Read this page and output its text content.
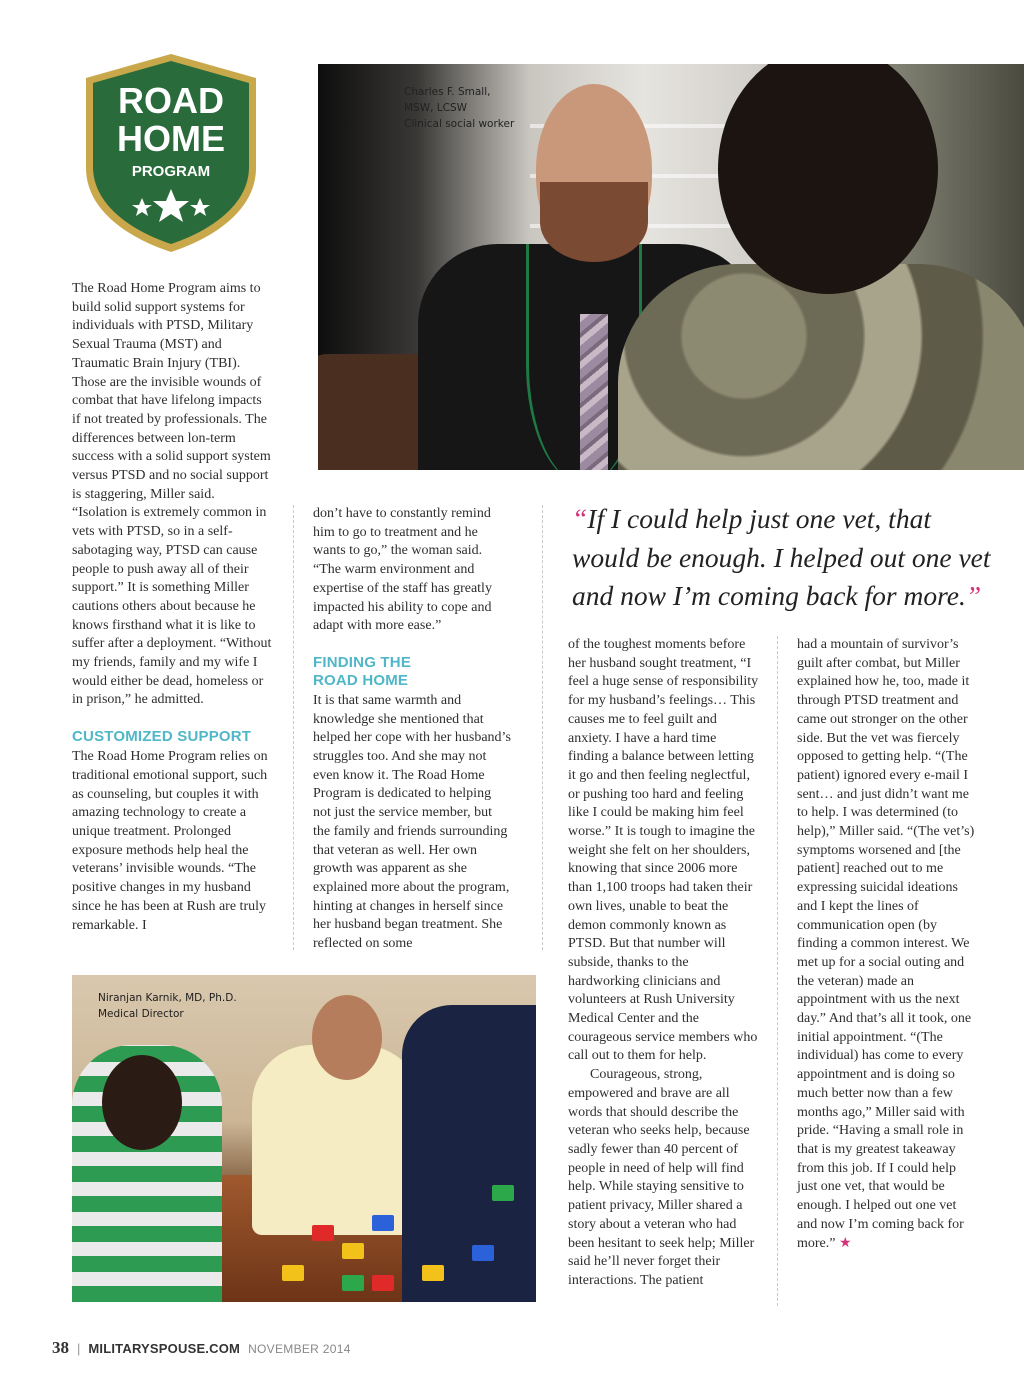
Charles F. Small,
MSW, LCSW
Clinical social worker
ROAD
HOME
PROGRAM

The Road Home Program aims to build solid support systems for individuals with PTSD, Military Sexual Trauma (MST) and Traumatic Brain Injury (TBI). Those are the invisible wounds of combat that have lifelong impacts if not treated by professionals. The differences between lon-term success with a solid support system versus PTSD and no social support is staggering, Miller said. “Isolation is extremely common in vets with PTSD, so in a self-sabotaging way, PTSD can cause people to push away all of their support.” It is something Miller cautions others about because he knows firsthand what it is like to suffer after a deployment. “Without my friends, family and my wife I would either be dead, homeless or in prison,” he admitted.

CUSTOMIZED SUPPORT

The Road Home Program relies on traditional emotional support, such as counseling, but couples it with amazing technology to create a unique treatment. Prolonged exposure methods help heal the veterans’ invisible wounds. “The positive changes in my husband since he has been at Rush are truly remarkable. I

don’t have to constantly remind him to go to treatment and he wants to go,” the woman said. “The warm environment and expertise of the staff has greatly impacted his ability to cope and adapt with more ease.”

FINDING THE ROAD HOME

It is that same warmth and knowledge she mentioned that helped her cope with her husband’s struggles too. And she may not even know it. The Road Home Program is dedicated to helping not just the service member, but the family and friends surrounding that veteran as well. Her own growth was apparent as she explained more about the program, hinting at changes in herself since her husband began treatment. She reflected on some

“If I could help just one vet, that would be enough. I helped out one vet and now I’m coming back for more.”

of the toughest moments before her husband sought treatment, “I feel a huge sense of responsibility for my husband’s feelings… This causes me to feel guilt and anxiety. I have a hard time finding a balance between letting it go and then feeling neglectful, or pushing too hard and feeling like I could be making him feel worse.” It is tough to imagine the weight she felt on her shoulders, knowing that since 2006 more than 1,100 troops had taken their own lives, unable to beat the demon commonly known as PTSD. But that number will subside, thanks to the hardworking clinicians and volunteers at Rush University Medical Center and the courageous service members who call out to them for help.

Courageous, strong, empowered and brave are all words that should describe the veteran who seeks help, because sadly fewer than 40 percent of people in need of help will find help. While staying sensitive to patient privacy, Miller shared a story about a veteran who had been hesitant to seek help; Miller said he’ll never forget their interactions. The patient

had a mountain of survivor’s guilt after combat, but Miller explained how he, too, made it through PTSD treatment and came out stronger on the other side. But the vet was fiercely opposed to getting help. “(The patient) ignored every e-mail I sent… and just didn’t want me to help. I was determined (to help),” Miller said. “(The vet’s) symptoms worsened and [the patient] reached out to me expressing suicidal ideations and I kept the lines of communication open (by finding a common interest. We met up for a social outing and the veteran) made an appointment with us the next day.” And that’s all it took, one initial appointment. “(The individual) has come to every appointment and is doing so much better now than a few months ago,” Miller said with pride. “Having a small role in that is my greatest takeaway from this job. If I could help just one vet, that would be enough. I helped out one vet and now I’m coming back for more.” ★

Niranjan Karnik, MD, Ph.D.
Medical Director
38 | MILITARYSPOUSE.COM NOVEMBER 2014
